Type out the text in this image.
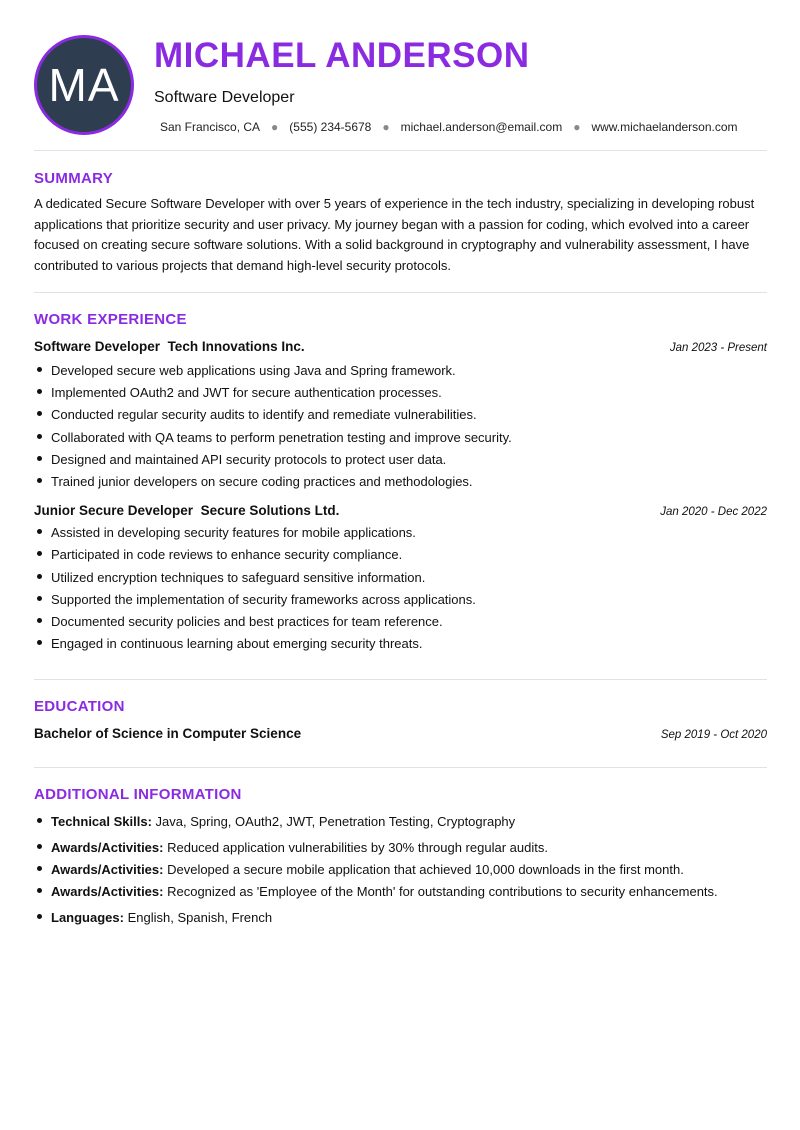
MA
MICHAEL ANDERSON
Software Developer
San Francisco, CA ● (555) 234-5678 ● michael.anderson@email.com ● www.michaelanderson.com
SUMMARY

A dedicated Secure Software Developer with over 5 years of experience in the tech industry, specializing in developing robust applications that prioritize security and user privacy. My journey began with a passion for coding, which evolved into a career focused on creating secure software solutions. With a solid background in cryptography and vulnerability assessment, I have contributed to various projects that demand high-level security protocols.

WORK EXPERIENCE
Software Developer Tech Innovations Inc.	Jan 2023 - Present
Developed secure web applications using Java and Spring framework.
Implemented OAuth2 and JWT for secure authentication processes.
Conducted regular security audits to identify and remediate vulnerabilities.
Collaborated with QA teams to perform penetration testing and improve security.
Designed and maintained API security protocols to protect user data.
Trained junior developers on secure coding practices and methodologies.
Junior Secure Developer Secure Solutions Ltd.	Jan 2020 - Dec 2022
Assisted in developing security features for mobile applications.
Participated in code reviews to enhance security compliance.
Utilized encryption techniques to safeguard sensitive information.
Supported the implementation of security frameworks across applications.
Documented security policies and best practices for team reference.
Engaged in continuous learning about emerging security threats.
EDUCATION
Bachelor of Science in Computer Science	Sep 2019 - Oct 2020
ADDITIONAL INFORMATION
Technical Skills: Java, Spring, OAuth2, JWT, Penetration Testing, Cryptography
Awards/Activities: Reduced application vulnerabilities by 30% through regular audits.
Awards/Activities: Developed a secure mobile application that achieved 10,000 downloads in the first month.
Awards/Activities: Recognized as 'Employee of the Month' for outstanding contributions to security enhancements.
Languages: English, Spanish, French
